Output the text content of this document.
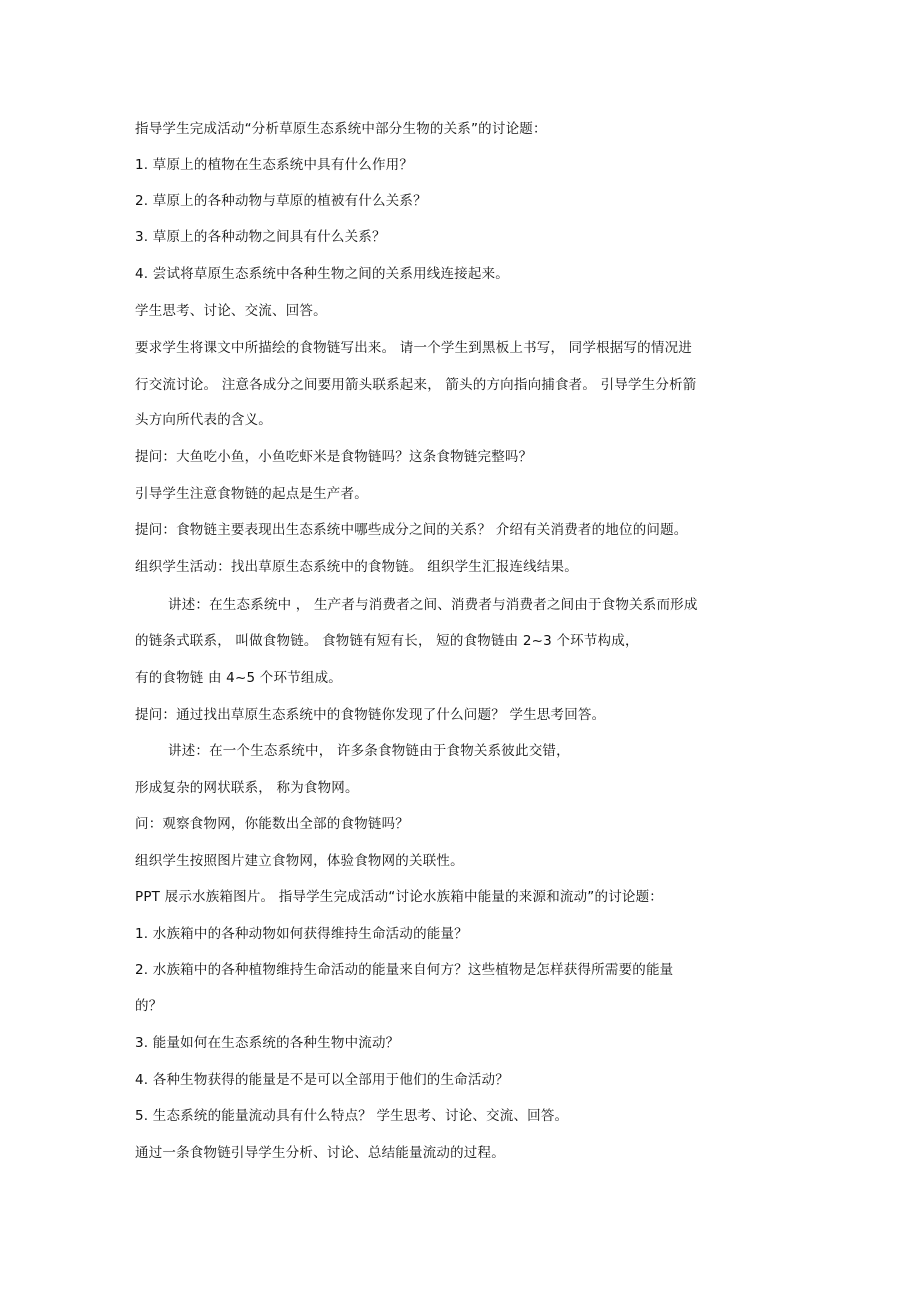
指导学生完成活动“分析草原生态系统中部分生物的关系”的讨论题：
1. 草原上的植物在生态系统中具有什么作用？
2. 草原上的各种动物与草原的植被有什么关系？
3. 草原上的各种动物之间具有什么关系？
4. 尝试将草原生态系统中各种生物之间的关系用线连接起来。
学生思考、讨论、交流、回答。
要求学生将课文中所描绘的食物链写出来。 请一个学生到黑板上书写， 同学根据写的情况进
行交流讨论。 注意各成分之间要用箭头联系起来， 箭头的方向指向捕食者。 引导学生分析箭
头方向所代表的含义。
提问：大鱼吃小鱼，小鱼吃虾米是食物链吗？这条食物链完整吗？
引导学生注意食物链的起点是生产者。
提问：食物链主要表现出生态系统中哪些成分之间的关系？ 介绍有关消费者的地位的问题。
组织学生活动：找出草原生态系统中的食物链。 组织学生汇报连线结果。
讲述：在生态系统中 ， 生产者与消费者之间、消费者与消费者之间由于食物关系而形成
的链条式联系， 叫做食物链。 食物链有短有长， 短的食物链由 2~3 个环节构成，
有的食物链 由 4~5 个环节组成。
提问：通过找出草原生态系统中的食物链你发现了什么问题？ 学生思考回答。
讲述：在一个生态系统中， 许多条食物链由于食物关系彼此交错，
形成复杂的网状联系， 称为食物网。
问：观察食物网，你能数出全部的食物链吗？
组织学生按照图片建立食物网，体验食物网的关联性。
PPT 展示水族箱图片。 指导学生完成活动“讨论水族箱中能量的来源和流动”的讨论题：
1. 水族箱中的各种动物如何获得维持生命活动的能量？
2. 水族箱中的各种植物维持生命活动的能量来自何方？这些植物是怎样获得所需要的能量
的？
3. 能量如何在生态系统的各种生物中流动？
4. 各种生物获得的能量是不是可以全部用于他们的生命活动？
5. 生态系统的能量流动具有什么特点？ 学生思考、讨论、交流、回答。
通过一条食物链引导学生分析、讨论、总结能量流动的过程。
